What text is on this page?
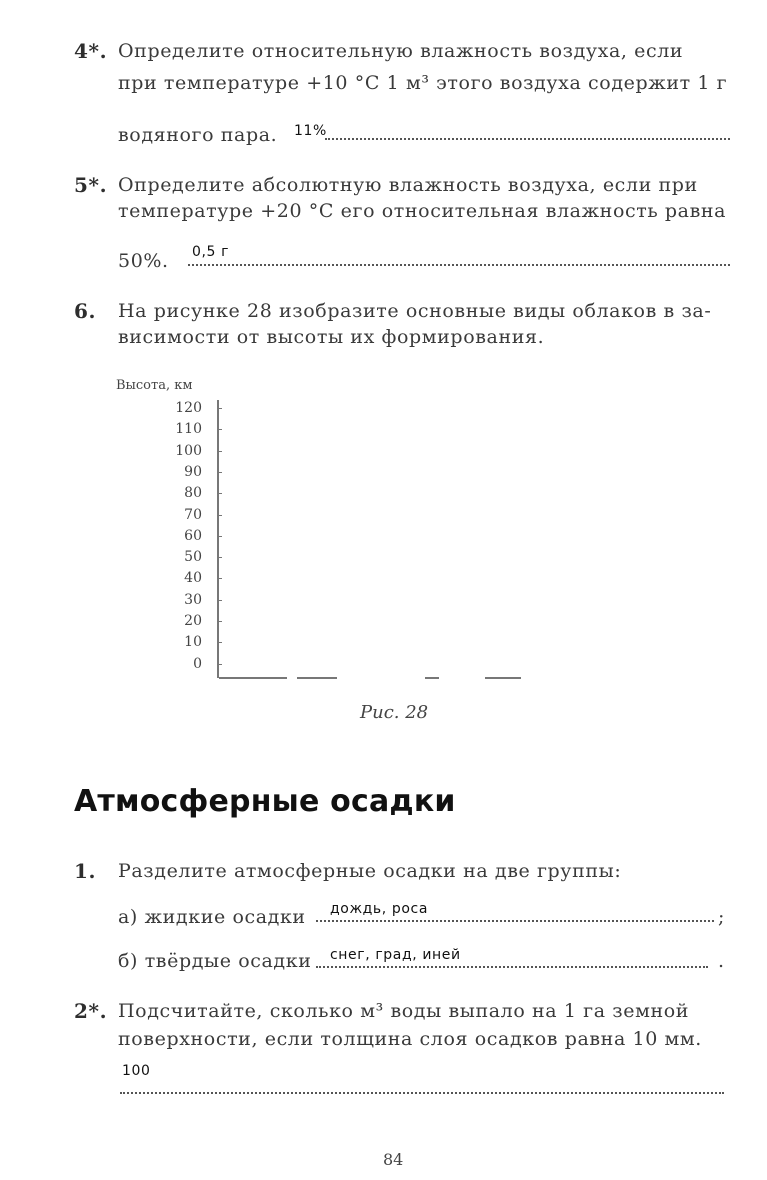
4*. Определите относительную влажность воздуха, если
при температуре +10 °С 1 м³ этого воздуха содержит 1 г
водяного пара. 11%
5*. Определите абсолютную влажность воздуха, если при
температуре +20 °С его относительная влажность равна
50%. 0,5 г
6. На рисунке 28 изобразите основные виды облаков в за-
висимости от высоты их формирования.
Высота, км
120
110
100
90
80
70
60
50
40
30
20
10
0
Рис. 28
Атмосферные осадки
1. Разделите атмосферные осадки на две группы:
а) жидкие осадки дождь, роса	;
б) твёрдые осадки снег, град, иней	.
2*. Подсчитайте, сколько м³ воды выпало на 1 га земной
поверхности, если толщина слоя осадков равна 10 мм.
100
84
